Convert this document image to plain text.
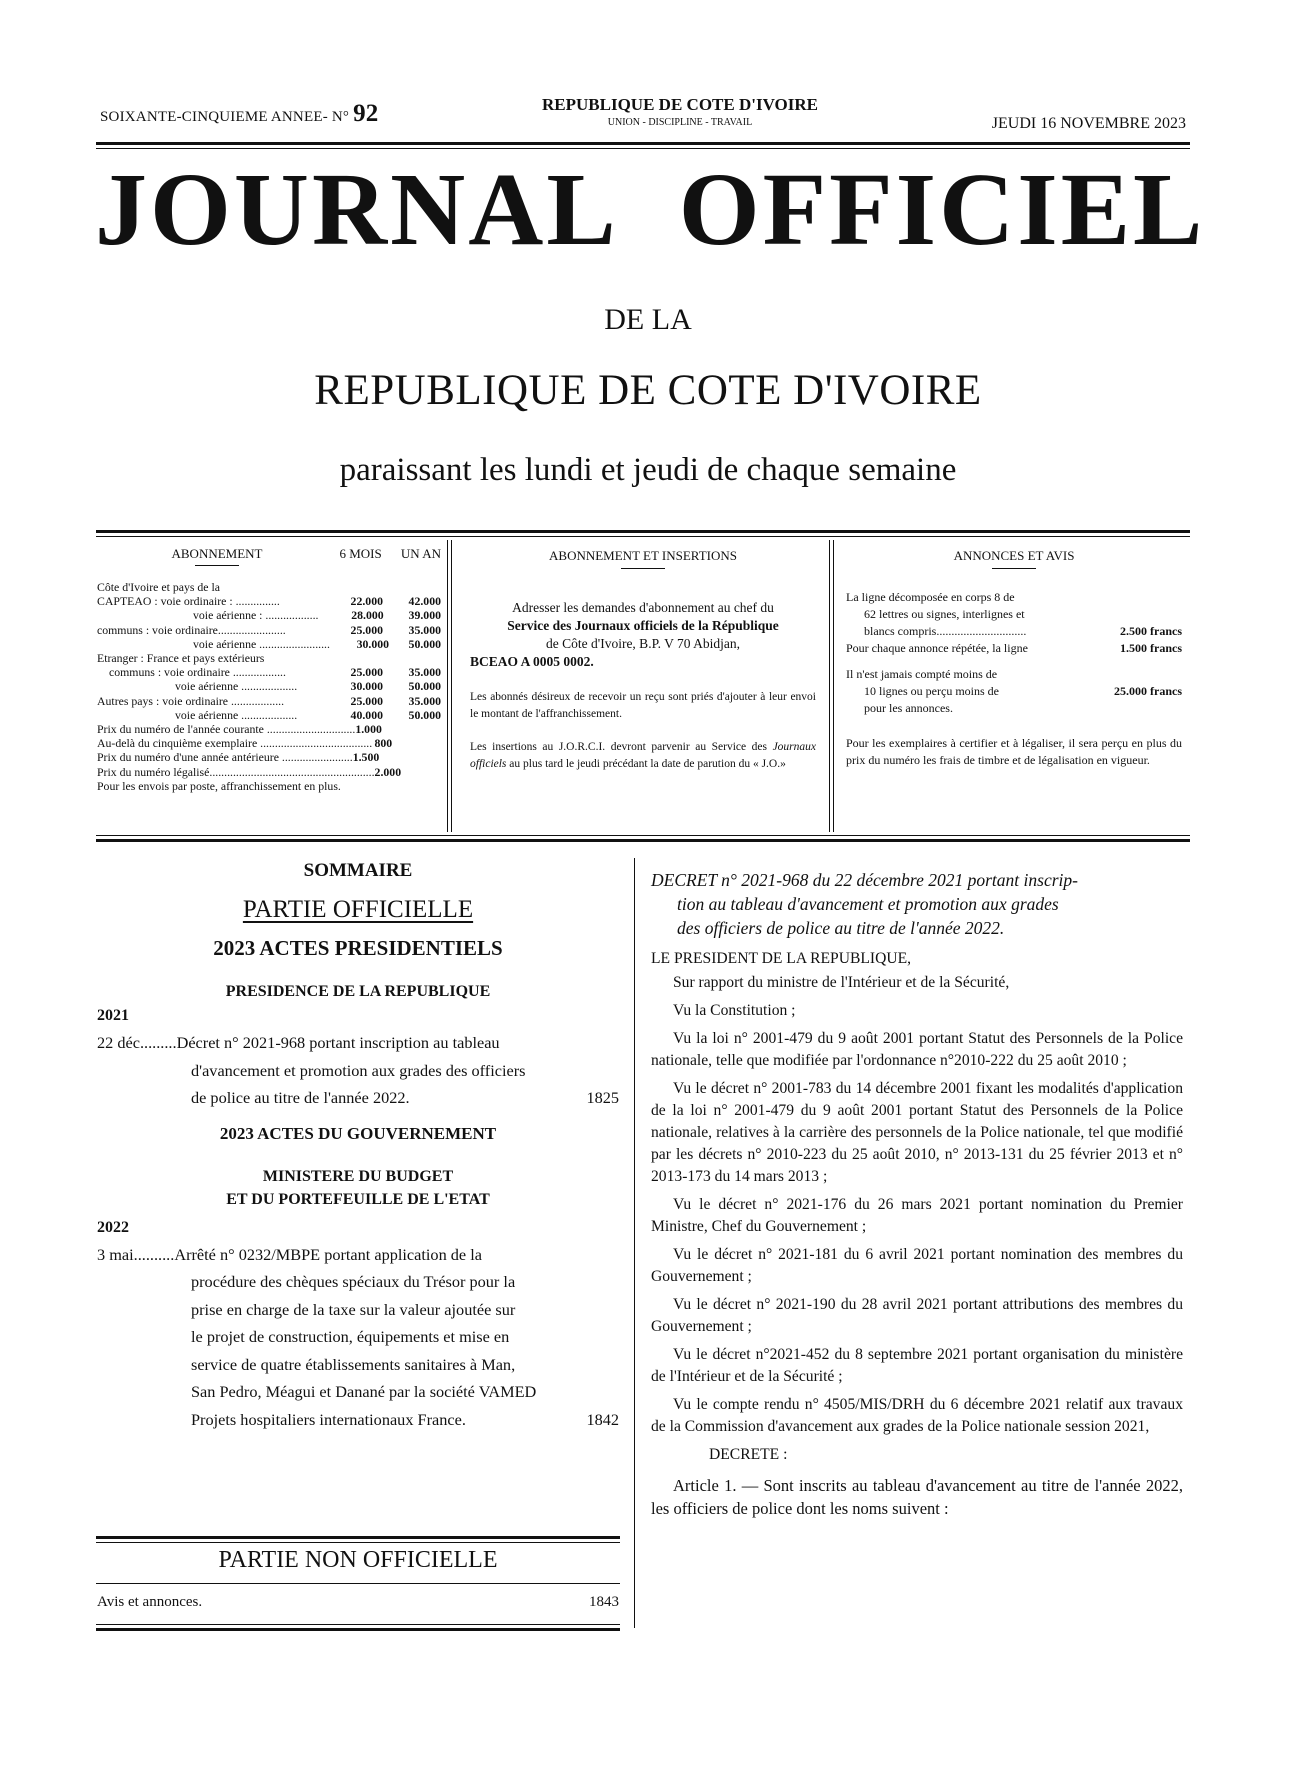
SOIXANTE-CINQUIEME ANNEE- N° 92	REPUBLIQUE DE COTE D'IVOIRE
UNION - DISCIPLINE - TRAVAIL	JEUDI 16 NOVEMBRE 2023
JOURNAL OFFICIEL
DE LA
REPUBLIQUE DE COTE D'IVOIRE
paraissant les lundi et jeudi de chaque semaine
ABONNEMENT	6 MOIS	UN AN
Côte d'Ivoire et pays de la
CAPTEAO : voie ordinaire : ...............	22.000	42.000
voie aérienne : ..................	28.000	39.000
communs : voie ordinaire.......................	25.000	35.000
voie aérienne ........................	30.000	50.000
Etranger : France et pays extérieurs
communs : voie ordinaire ..................	25.000	35.000
voie aérienne ...................	30.000	50.000
Autres pays : voie ordinaire ..................	25.000	35.000
voie aérienne ...................	40.000	50.000
Prix du numéro de l'année courante .............................. 1.000
Au-delà du cinquième exemplaire ...................................... 800
Prix du numéro d'une année antérieure ........................ 1.500
Prix du numéro légalisé........................................................ 2.000
Pour les envois par poste, affranchissement en plus.
ABONNEMENT ET INSERTIONS
Adresser les demandes d'abonnement au chef du
Service des Journaux officiels de la République
de Côte d'Ivoire, B.P. V 70 Abidjan,
BCEAO A 0005 0002.
Les abonnés désireux de recevoir un reçu sont priés d'ajouter à leur envoi le montant de l'affranchissement.
Les insertions au J.O.R.C.I. devront parvenir au Service des Journaux officiels au plus tard le jeudi précédant la date de parution du « J.O.»
ANNONCES ET AVIS
La ligne décomposée en corps 8 de
62 lettres ou signes, interlignes et
blancs compris..............................	2.500 francs
Pour chaque annonce répétée, la ligne	1.500 francs
Il n'est jamais compté moins de
10 lignes ou perçu moins de	25.000 francs
pour les annonces.
Pour les exemplaires à certifier et à légaliser, il sera perçu en plus du prix du numéro les frais de timbre et de légalisation en vigueur.
SOMMAIRE
PARTIE OFFICIELLE
2023 ACTES PRESIDENTIELS
PRESIDENCE DE LA REPUBLIQUE
2021
22 déc.........Décret n° 2021-968 portant inscription au tableau
d'avancement et promotion aux grades des officiers
de police au titre de l'année 2022.	1825
2023 ACTES DU GOUVERNEMENT
MINISTERE DU BUDGET
ET DU PORTEFEUILLE DE L'ETAT
2022
3 mai..........Arrêté n° 0232/MBPE portant application de la
procédure des chèques spéciaux du Trésor pour la
prise en charge de la taxe sur la valeur ajoutée sur
le projet de construction, équipements et mise en
service de quatre établissements sanitaires à Man,
San Pedro, Méagui et Danané par la société VAMED
Projets hospitaliers internationaux France.	1842
PARTIE NON OFFICIELLE
Avis et annonces.	1843
DECRET n° 2021-968 du 22 décembre 2021 portant inscrip-
tion au tableau d'avancement et promotion aux grades
des officiers de police au titre de l'année 2022.
LE PRESIDENT DE LA REPUBLIQUE,

Sur rapport du ministre de l'Intérieur et de la Sécurité,

Vu la Constitution ;

Vu la loi n° 2001-479 du 9 août 2001 portant Statut des Personnels de la Police nationale, telle que modifiée par l'ordonnance n°2010-222 du 25 août 2010 ;

Vu le décret n° 2001-783 du 14 décembre 2001 fixant les modalités d'application de la loi n° 2001-479 du 9 août 2001 portant Statut des Personnels de la Police nationale, relatives à la carrière des personnels de la Police nationale, tel que modifié par les décrets n° 2010-223 du 25 août 2010, n° 2013-131 du 25 février 2013 et n° 2013-173 du 14 mars 2013 ;

Vu le décret n° 2021-176 du 26 mars 2021 portant nomination du Premier Ministre, Chef du Gouvernement ;

Vu le décret n° 2021-181 du 6 avril 2021 portant nomination des membres du Gouvernement ;

Vu le décret n° 2021-190 du 28 avril 2021 portant attributions des membres du Gouvernement ;

Vu le décret n°2021-452 du 8 septembre 2021 portant organisation du ministère de l'Intérieur et de la Sécurité ;

Vu le compte rendu n° 4505/MIS/DRH du 6 décembre 2021 relatif aux travaux de la Commission d'avancement aux grades de la Police nationale session 2021,

DECRETE :
Article 1. — Sont inscrits au tableau d'avancement au titre de l'année 2022, les officiers de police dont les noms suivent :
